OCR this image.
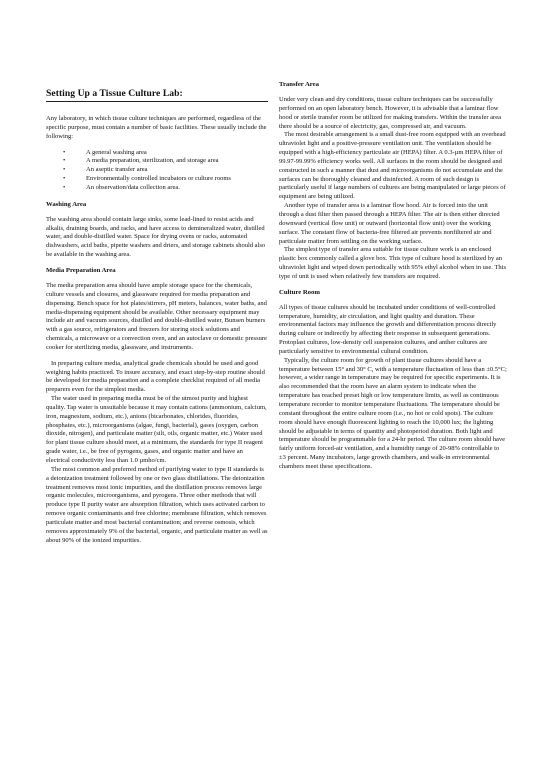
Setting Up a Tissue Culture Lab:

Any laboratory, in which tissue culture techniques are performed, regardless of the specific purpose, must contain a number of basic facilities. These usually include the following:

• A general washing area
• A media preparation, sterilization, and storage area
• An aseptic transfer area
• Environmentally controlled incubators or culture rooms
• An observation/data collection area.
Washing Area

The washing area should contain large sinks, some lead-lined to resist acids and alkalis, draining boards, and racks, and have access to demineralized water, distilled water, and double-distilled water. Space for drying ovens or racks, automated dishwashers, acid baths, pipette washers and driers, and storage cabinets should also be available in the washing area.

Media Preparation Area

The media preparation area should have ample storage space for the chemicals, culture vessels and closures, and glassware required for media preparation and dispensing. Bench space for hot plates/stirrers, pH meters, balances, water baths, and media-dispensing equipment should be available. Other necessary equipment may include air and vacuum sources, distilled and double-distilled water, Bunsen burners with a gas source, refrigerators and freezers for storing stock solutions and chemicals, a microwave or a convection oven, and an autoclave or domestic pressure cooker for sterilizing media, glassware, and instruments.

In preparing culture media, analytical grade chemicals should be used and good weighing habits practiced. To insure accuracy, and exact step-by-step routine should be developed for media preparation and a complete checklist required of all media preparers even for the simplest media.

The water used in preparing media must be of the utmost purity and highest quality. Tap water is unsuitable because it may contain cations (ammonium, calcium, iron, magnesium, sodium, etc.), anions (bicarbonates, chlorides, fluorides, phosphates, etc.), microorganisms (algae, fungi, bacterial), gases (oxygen, carbon dioxide, nitrogen), and particulate matter (silt, oils, organic matter, etc.) Water used for plant tissue culture should meet, at a minimum, the standards for type II reagent grade water, i.e., be free of pyrogens, gases, and organic matter and have an electrical conductivity less than 1.0 µmho/cm.

The most common and preferred method of purifying water to type II standards is a deionization treatment followed by one or two glass distillations. The deionization treatment removes most ionic impurities, and the distillation process removes large organic molecules, microorganisms, and pyrogens. Three other methods that will produce type II purity water are absorption filtration, which uses activated carbon to remove organic contaminants and free chlorine; membrane filtration, which removes particulate matter and most bacterial contamination; and reverse osmosis, which removes approximately 9% of the bacterial, organic, and particulate matter as well as about 90% of the ionized impurities.

Transfer Area

Under very clean and dry conditions, tissue culture techniques can be successfully performed on an open laboratory bench. However, it is advisable that a laminar flow hood or sterile transfer room be utilized for making transfers. Within the transfer area there should be a source of electricity, gas, compressed air, and vacuum.

The most desirable arrangement is a small dust-free room equipped with an overhead ultraviolet light and a positive-pressure ventilation unit. The ventilation should be equipped with a high-efficiency particulate air (HEPA) filter. A 0.3-µm HEPA filter of 99.97-99.99% efficiency works well. All surfaces in the room should be designed and constructed in such a manner that dust and microorganisms do not accumulate and the surfaces can be thoroughly cleaned and disinfected. A room of such design is particularly useful if large numbers of cultures are being manipulated or large pieces of equipment are being utilized.

Another type of transfer area is a laminar flow hood. Air is forced into the unit through a dust filter then passed through a HEPA filter. The air is then either directed downward (vertical flow unit) or outward (horizontal flow unit) over the working surface. The constant flow of bacteria-free filtered air prevents nonfiltered air and particulate matter from settling on the working surface.

The simplest type of transfer area suitable for tissue culture work is an enclosed plastic box commonly called a glove box. This type of culture hood is sterilized by an ultraviolet light and wiped down periodically with 95% ethyl alcohol when in use. This type of unit is used when relatively few transfers are required.

Culture Room

All types of tissue cultures should be incubated under conditions of well-controlled temperature, humidity, air circulation, and light quality and duration. These environmental factors may influence the growth and differentiation process directly during culture or indirectly by affecting their response in subsequent generations. Protoplast cultures, low-density cell suspension cultures, and anther cultures are particularly sensitive to environmental cultural condition.

Typically, the culture room for growth of plant tissue cultures should have a temperature between 15° and 30° C, with a temperature fluctuation of less than ±0.5°C; however, a wider range in temperature may be required for specific experiments. It is also recommended that the room have an alarm system to indicate when the temperature has reached preset high or low temperature limits, as well as continuous temperature recorder to monitor temperature fluctuations. The temperature should be constant throughout the entire culture room (i.e., no hot or cold spots). The culture room should have enough fluorescent lighting to reach the 10,000 lux; the lighting should be adjustable in terms of quantity and photoperiod duration. Both light and temperature should be programmable for a 24-hr period. The culture room should have fairly uniform forced-air ventilation, and a humidity range of 20-98% controllable to ±3 percent. Many incubators, large growth chambers, and walk-in environmental chambers meet these specifications.
